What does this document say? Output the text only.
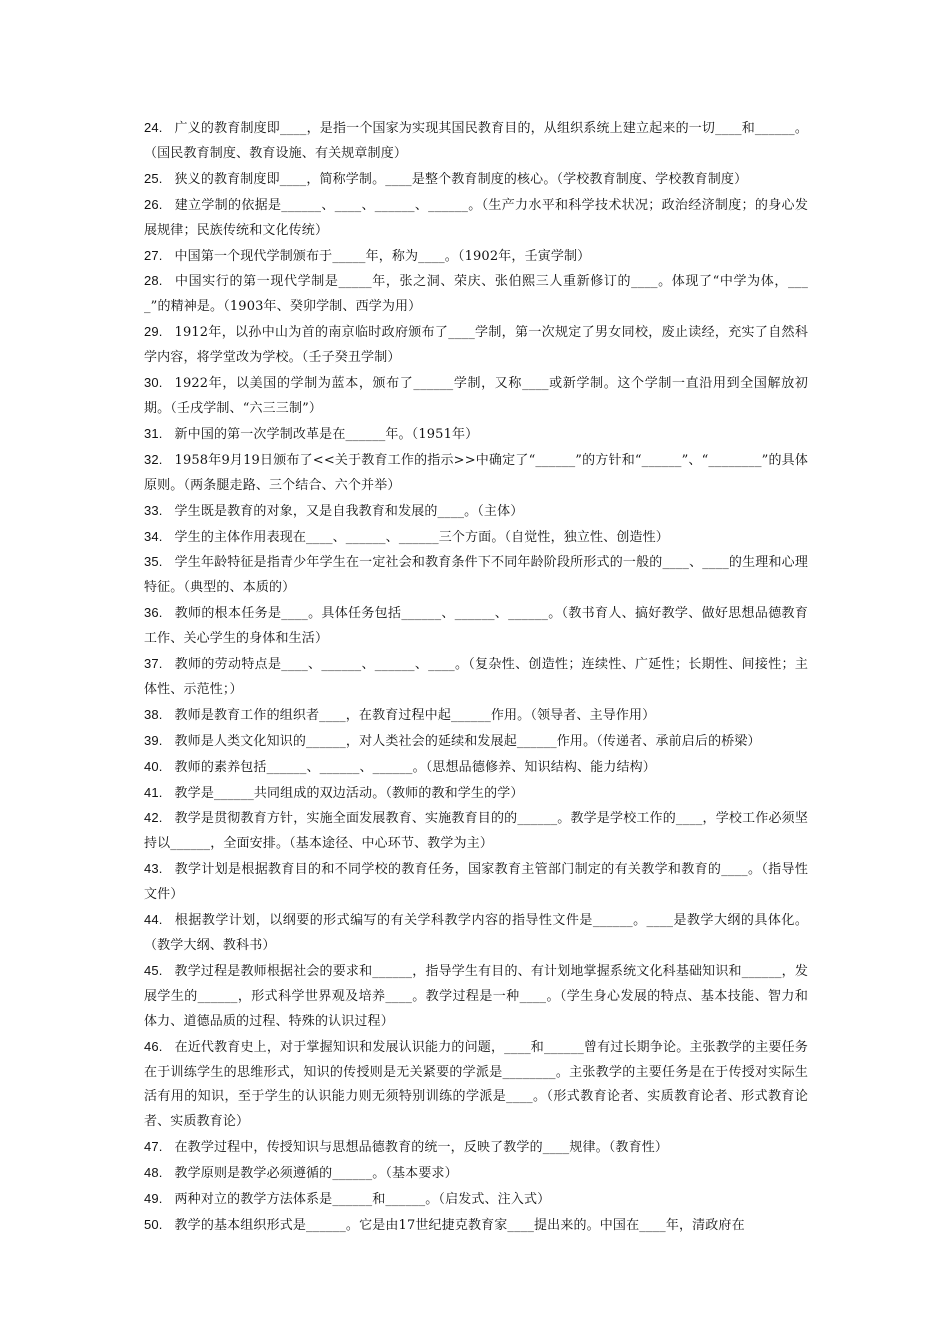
24. 广义的教育制度即____，是指一个国家为实现其国民教育目的，从组织系统上建立起来的一切____和______。（国民教育制度、教育设施、有关规章制度）

25. 狭义的教育制度即____，简称学制。____是整个教育制度的核心。（学校教育制度、学校教育制度）

26. 建立学制的依据是______、____、______、______。（生产力水平和科学技术状况；政治经济制度；的身心发展规律；民族传统和文化传统）

27. 中国第一个现代学制颁布于_____年，称为____。（1902年，壬寅学制）

28. 中国实行的第一现代学制是_____年，张之洞、荣庆、张伯熙三人重新修订的____。体现了“中学为体，____”的精神是。（1903年、癸卯学制、西学为用）

29. 1912年，以孙中山为首的南京临时政府颁布了____学制，第一次规定了男女同校，废止读经，充实了自然科学内容，将学堂改为学校。（壬子癸丑学制）

30. 1922年，以美国的学制为蓝本，颁布了______学制，又称____或新学制。这个学制一直沿用到全国解放初期。（壬戌学制、“六三三制”）

31. 新中国的第一次学制改革是在______年。（1951年）

32. 1958年9月19日颁布了<<关于教育工作的指示>>中确定了“______”的方针和“______”、“________”的具体原则。（两条腿走路、三个结合、六个并举）

33. 学生既是教育的对象，又是自我教育和发展的____。（主体）

34. 学生的主体作用表现在____、______、______三个方面。（自觉性，独立性、创造性）

35. 学生年龄特征是指青少年学生在一定社会和教育条件下不同年龄阶段所形式的一般的____、____的生理和心理特征。（典型的、本质的）

36. 教师的根本任务是____。具体任务包括______、______、______。（教书育人、搞好教学、做好思想品德教育工作、关心学生的身体和生活）

37. 教师的劳动特点是____、______、______、____。（复杂性、创造性；连续性、广延性；长期性、间接性；主体性、示范性；）

38. 教师是教育工作的组织者____，在教育过程中起______作用。（领导者、主导作用）

39. 教师是人类文化知识的______，对人类社会的延续和发展起______作用。（传递者、承前启后的桥梁）

40. 教师的素养包括______、______、______。（思想品德修养、知识结构、能力结构）

41. 教学是______共同组成的双边活动。（教师的教和学生的学）

42. 教学是贯彻教育方针，实施全面发展教育、实施教育目的的______。教学是学校工作的____，学校工作必须坚持以______，全面安排。（基本途径、中心环节、教学为主）

43. 教学计划是根据教育目的和不同学校的教育任务，国家教育主管部门制定的有关教学和教育的____。（指导性文件）

44. 根据教学计划，以纲要的形式编写的有关学科教学内容的指导性文件是______。____是教学大纲的具体化。（教学大纲、教科书）

45. 教学过程是教师根据社会的要求和______，指导学生有目的、有计划地掌握系统文化科基础知识和______，发展学生的______，形式科学世界观及培养____。教学过程是一种____。（学生身心发展的特点、基本技能、智力和体力、道德品质的过程、特殊的认识过程）

46. 在近代教育史上，对于掌握知识和发展认识能力的问题，____和______曾有过长期争论。主张教学的主要任务在于训练学生的思维形式，知识的传授则是无关紧要的学派是________。主张教学的主要任务是在于传授对实际生活有用的知识，至于学生的认识能力则无须特别训练的学派是____。（形式教育论者、实质教育论者、形式教育论者、实质教育论）

47. 在教学过程中，传授知识与思想品德教育的统一，反映了教学的____规律。（教育性）

48. 教学原则是教学必须遵循的______。（基本要求）

49. 两种对立的教学方法体系是______和______。（启发式、注入式）

50. 教学的基本组织形式是______。它是由17世纪捷克教育家____提出来的。中国在____年，清政府在
